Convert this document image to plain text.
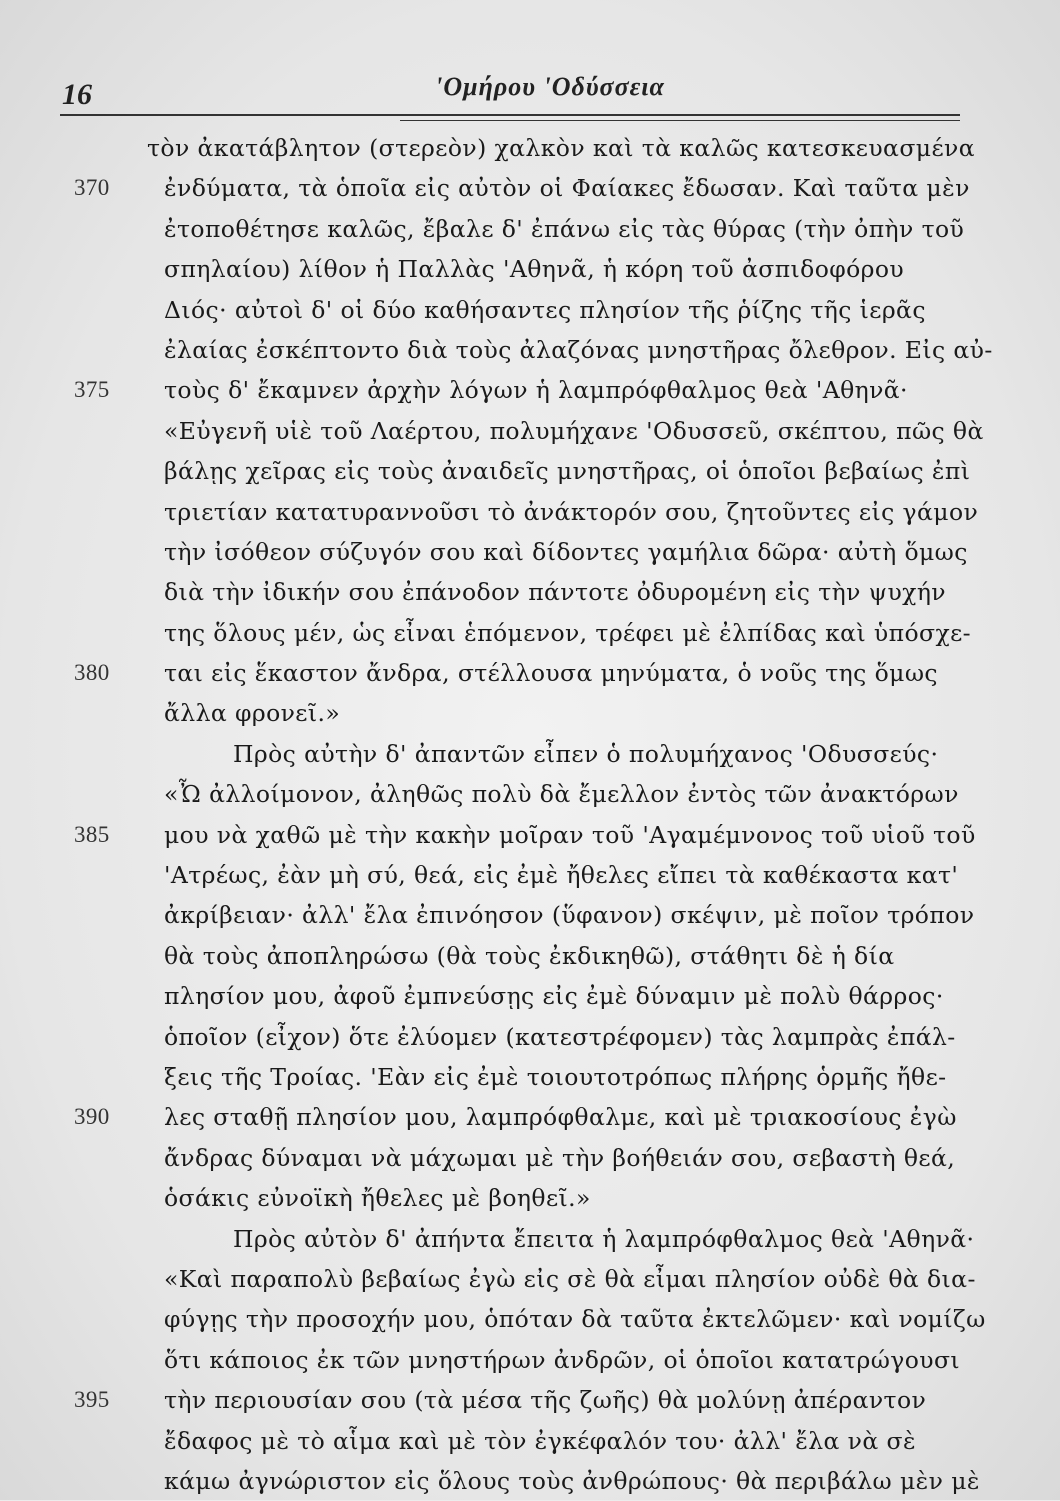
16	'Ομήρου 'Οδύσσεια
τὸν ἀκατάβλητον (στερεὸν) χαλκὸν καὶ τὰ καλῶς κατεσκευασμένα
370	ἐνδύματα, τὰ ὁποῖα εἰς αὐτὸν οἱ Φαίακες ἔδωσαν. Καὶ ταῦτα μὲν
ἐτοποθέτησε καλῶς, ἔβαλε δ' ἐπάνω εἰς τὰς θύρας (τὴν ὀπὴν τοῦ
σπηλαίου) λίθον ἡ Παλλὰς 'Αθηνᾶ, ἡ κόρη τοῦ ἀσπιδοφόρου
Διός· αὐτοὶ δ' οἱ δύο καθήσαντες πλησίον τῆς ῥίζης τῆς ἱερᾶς
ἐλαίας ἐσκέπτοντο διὰ τοὺς ἀλαζόνας μνηστῆρας ὄλεθρον. Εἰς αὐ-
375	τοὺς δ' ἔκαμνεν ἀρχὴν λόγων ἡ λαμπρόφθαλμος θεὰ 'Αθηνᾶ·
«Εὐγενῆ υἱὲ τοῦ Λαέρτου, πολυμήχανε 'Οδυσσεῦ, σκέπτου, πῶς θὰ
βάλῃς χεῖρας εἰς τοὺς ἀναιδεῖς μνηστῆρας, οἱ ὁποῖοι βεβαίως ἐπὶ
τριετίαν κατατυραννοῦσι τὸ ἀνάκτορόν σου, ζητοῦντες εἰς γάμον
τὴν ἰσόθεον σύζυγόν σου καὶ δίδοντες γαμήλια δῶρα· αὐτὴ ὅμως
διὰ τὴν ἰδικήν σου ἐπάνοδον πάντοτε ὀδυρομένη εἰς τὴν ψυχήν
της ὅλους μέν, ὡς εἶναι ἑπόμενον, τρέφει μὲ ἐλπίδας καὶ ὑπόσχε-
380	ται εἰς ἕκαστον ἄνδρα, στέλλουσα μηνύματα, ὁ νοῦς της ὅμως
ἄλλα φρονεῖ.»
Πρὸς αὐτὴν δ' ἀπαντῶν εἶπεν ὁ πολυμήχανος 'Οδυσσεύς·
«Ὦ ἀλλοίμονον, ἀληθῶς πολὺ δὰ ἔμελλον ἐντὸς τῶν ἀνακτόρων
385	μου νὰ χαθῶ μὲ τὴν κακὴν μοῖραν τοῦ 'Αγαμέμνονος τοῦ υἱοῦ τοῦ
'Ατρέως, ἐὰν μὴ σύ, θεά, εἰς ἐμὲ ἤθελες εἴπει τὰ καθέκαστα κατ'
ἀκρίβειαν· ἀλλ' ἔλα ἐπινόησον (ὕφανον) σκέψιν, μὲ ποῖον τρόπον
θὰ τοὺς ἀποπληρώσω (θὰ τοὺς ἐκδικηθῶ), στάθητι δὲ ἡ δία
πλησίον μου, ἀφοῦ ἐμπνεύσῃς εἰς ἐμὲ δύναμιν μὲ πολὺ θάρρος·
ὁποῖον (εἶχον) ὅτε ἐλύομεν (κατεστρέφομεν) τὰς λαμπρὰς ἐπάλ-
ξεις τῆς Τροίας. 'Εὰν εἰς ἐμὲ τοιουτοτρόπως πλήρης ὁρμῆς ἤθε-
390	λες σταθῇ πλησίον μου, λαμπρόφθαλμε, καὶ μὲ τριακοσίους ἐγὼ
ἄνδρας δύναμαι νὰ μάχωμαι μὲ τὴν βοήθειάν σου, σεβαστὴ θεά,
ὁσάκις εὐνοϊκὴ ἤθελες μὲ βοηθεῖ.»
Πρὸς αὐτὸν δ' ἀπήντα ἔπειτα ἡ λαμπρόφθαλμος θεὰ 'Αθηνᾶ·
«Καὶ παραπολὺ βεβαίως ἐγὼ εἰς σὲ θὰ εἶμαι πλησίον οὐδὲ θὰ δια-
φύγῃς τὴν προσοχήν μου, ὁπόταν δὰ ταῦτα ἐκτελῶμεν· καὶ νομίζω
ὅτι κάποιος ἐκ τῶν μνηστήρων ἀνδρῶν, οἱ ὁποῖοι κατατρώγουσι
395	τὴν περιουσίαν σου (τὰ μέσα τῆς ζωῆς) θὰ μολύνῃ ἀπέραντον
ἔδαφος μὲ τὸ αἷμα καὶ μὲ τὸν ἐγκέφαλόν του· ἀλλ' ἔλα νὰ σὲ
κάμω ἀγνώριστον εἰς ὅλους τοὺς ἀνθρώπους· θὰ περιβάλω μὲν μὲ
